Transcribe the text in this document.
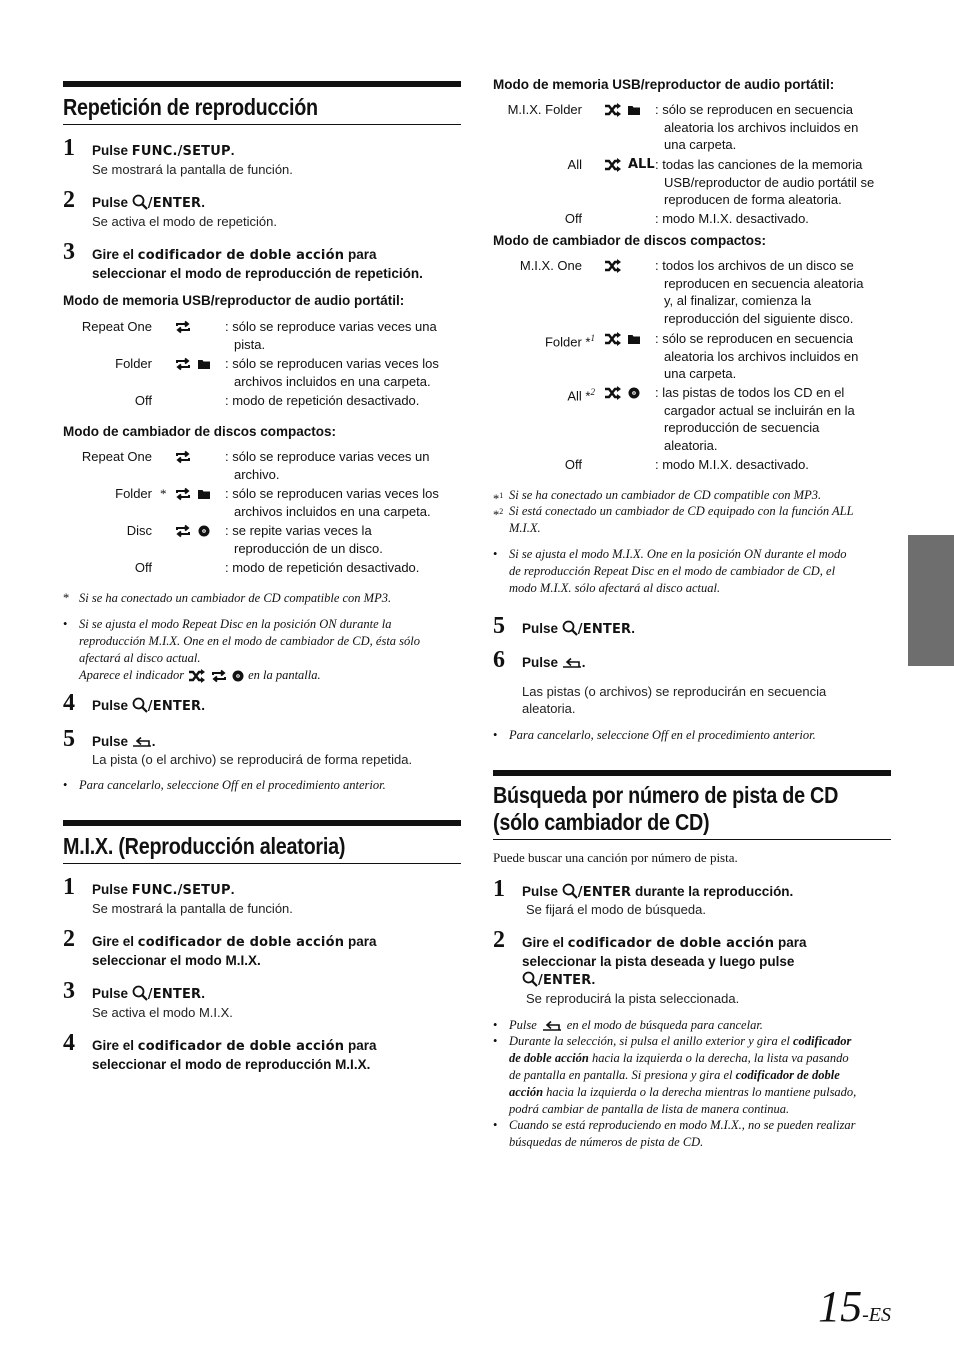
Repetición de reproducción
1 Pulse FUNC./SETUP.
Se mostrará la pantalla de función.
2 Pulse /ENTER.
Se activa el modo de repetición.
3 Gire el codificador de doble acción para
seleccionar el modo de reproducción de repetición.
Modo de memoria USB/reproductor de audio portátil:
Repeat One	: sólo se reproduce varias veces una
pista.
Folder	: sólo se reproducen varias veces los
archivos incluidos en una carpeta.
Off	: modo de repetición desactivado.
Modo de cambiador de discos compactos:
Repeat One	: sólo se reproduce varias veces un
archivo.
Folder *	: sólo se reproducen varias veces los
archivos incluidos en una carpeta.
Disc	: se repite varias veces la
reproducción de un disco.
Off	: modo de repetición desactivado.
* Si se ha conectado un cambiador de CD compatible con MP3.
• Si se ajusta el modo Repeat Disc en la posición ON durante la
reproducción M.I.X. One en el modo de cambiador de CD, ésta sólo
afectará al disco actual.
Aparece el indicador	en la pantalla.
4 Pulse /ENTER.
5 Pulse .
La pista (o el archivo) se reproducirá de forma repetida.
• Para cancelarlo, seleccione Off en el procedimiento anterior.
M.I.X. (Reproducción aleatoria)
1 Pulse FUNC./SETUP.
Se mostrará la pantalla de función.
2 Gire el codificador de doble acción para
seleccionar el modo M.I.X.
3 Pulse /ENTER.
Se activa el modo M.I.X.
4 Gire el codificador de doble acción para
seleccionar el modo de reproducción M.I.X.
Modo de memoria USB/reproductor de audio portátil:
M.I.X. Folder	: sólo se reproducen en secuencia
aleatoria los archivos incluidos en
una carpeta.
All	ALL : todas las canciones de la memoria
USB/reproductor de audio portátil se
reproducen de forma aleatoria.
Off	: modo M.I.X. desactivado.
Modo de cambiador de discos compactos:
M.I.X. One	: todos los archivos de un disco se
reproducen en secuencia aleatoria
y, al finalizar, comienza la
reproducción del siguiente disco.
Folder *$^1$	: sólo se reproducen en secuencia
aleatoria los archivos incluidos en
una carpeta.
All *$^2$	: las pistas de todos los CD en el
cargador actual se incluirán en la
reproducción de secuencia
aleatoria.
Off	: modo M.I.X. desactivado.
*$^1$ Si se ha conectado un cambiador de CD compatible con MP3.
*$^2$ Si está conectado un cambiador de CD equipado con la función ALL
M.I.X.
• Si se ajusta el modo M.I.X. One en la posición ON durante el modo
de reproducción Repeat Disc en el modo de cambiador de CD, el
modo M.I.X. sólo afectará al disco actual.
5 Pulse /ENTER.
6 Pulse .
Las pistas (o archivos) se reproducirán en secuencia
aleatoria.
• Para cancelarlo, seleccione Off en el procedimiento anterior.
Búsqueda por número de pista de CD
(sólo cambiador de CD)
Puede buscar una canción por número de pista.
1 Pulse /ENTER durante la reproducción.
Se fijará el modo de búsqueda.
2 Gire el codificador de doble acción para
seleccionar la pista deseada y luego pulse
/ENTER.
Se reproducirá la pista seleccionada.
• Pulse en el modo de búsqueda para cancelar.
• Durante la selección, si pulsa el anillo exterior y gira el codificador
de doble acción hacia la izquierda o la derecha, la lista va pasando
de pantalla en pantalla. Si presiona y gira el codificador de doble
acción hacia la izquierda o la derecha mientras lo mantiene pulsado,
podrá cambiar de pantalla de lista de manera continua.
• Cuando se está reproduciendo en modo M.I.X., no se pueden realizar
búsquedas de números de pista de CD.
15-ES
